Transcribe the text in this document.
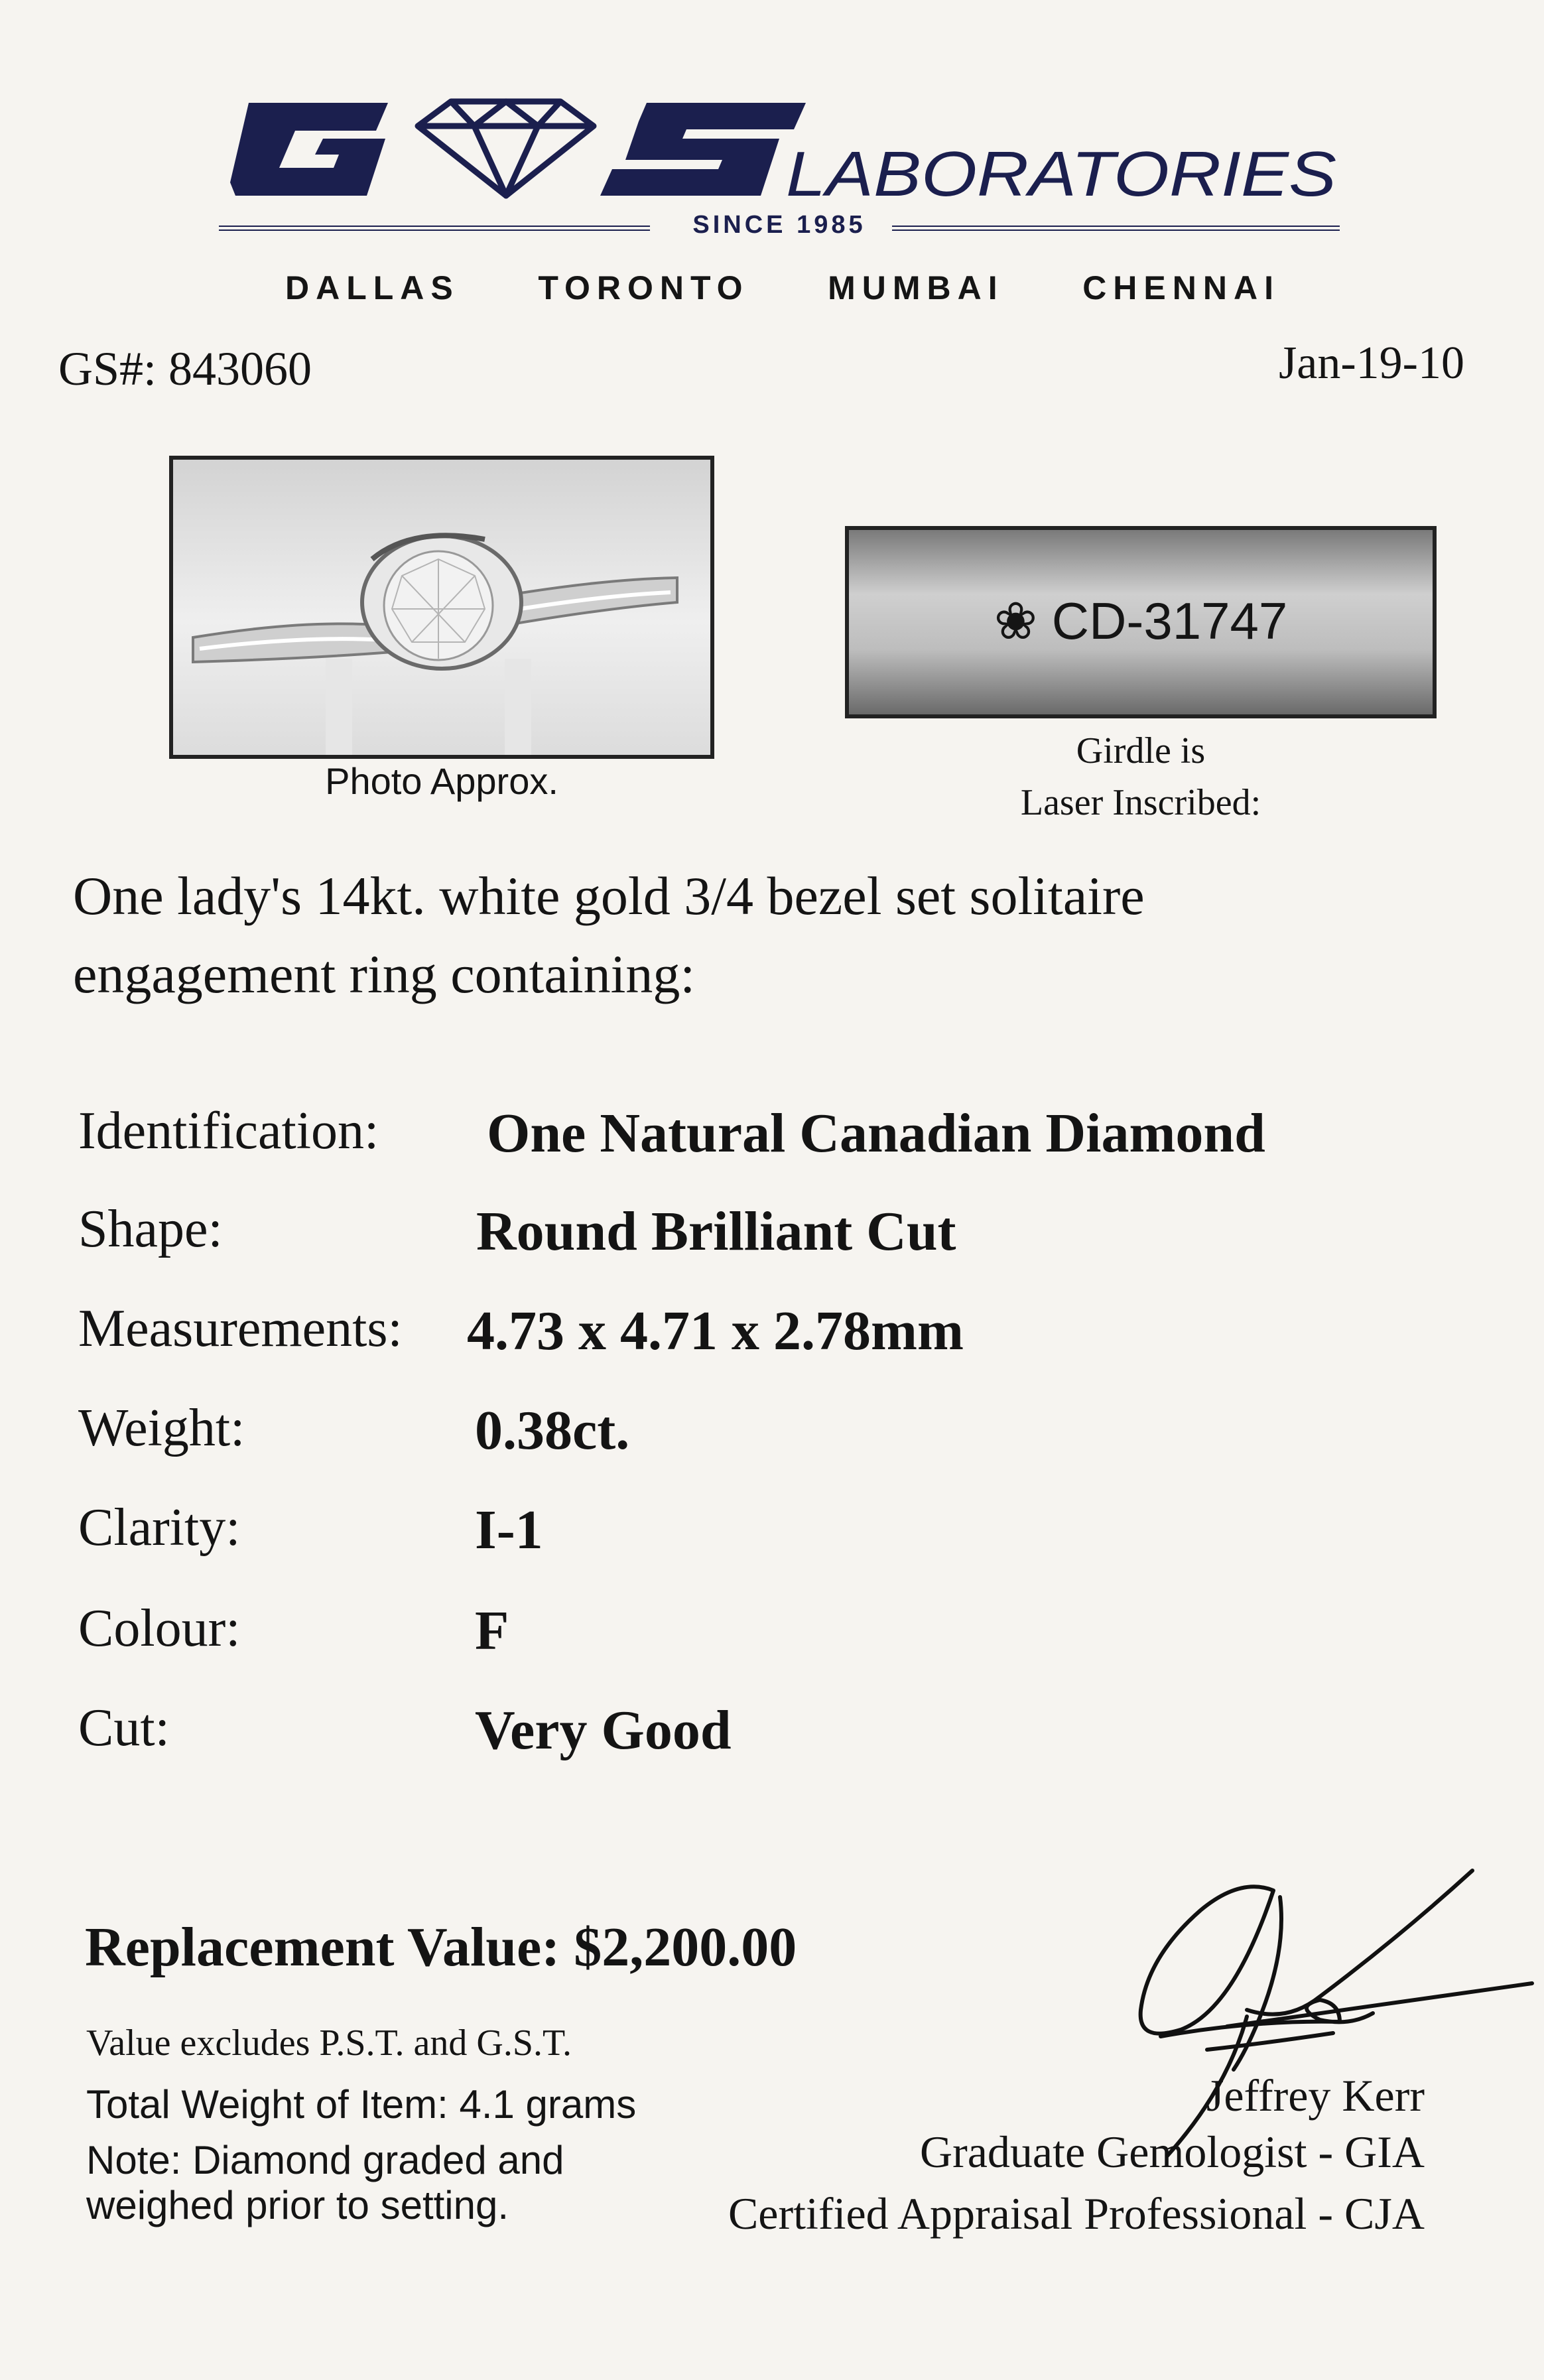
LABORATORIES
SINCE 1985
DALLAS TORONTO MUMBAI CHENNAI
GS#: 843060	Jan-19-10
Photo Approx.
❀ CD-31747
Girdle is
Laser Inscribed:
One lady's 14kt. white gold 3/4 bezel set solitaire
engagement ring containing:
Identification: One Natural Canadian Diamond
Shape:	Round Brilliant Cut
Measurements: 4.73 x 4.71 x 2.78mm
Weight:	0.38ct.
Clarity:	I-1
Colour:	F
Cut:	Very Good
Replacement Value: $2,200.00
Value excludes P.S.T. and G.S.T.
Total Weight of Item: 4.1 grams
Note: Diamond graded and
weighed prior to setting.
Jeffrey Kerr
Graduate Gemologist - GIA
Certified Appraisal Professional - CJA
